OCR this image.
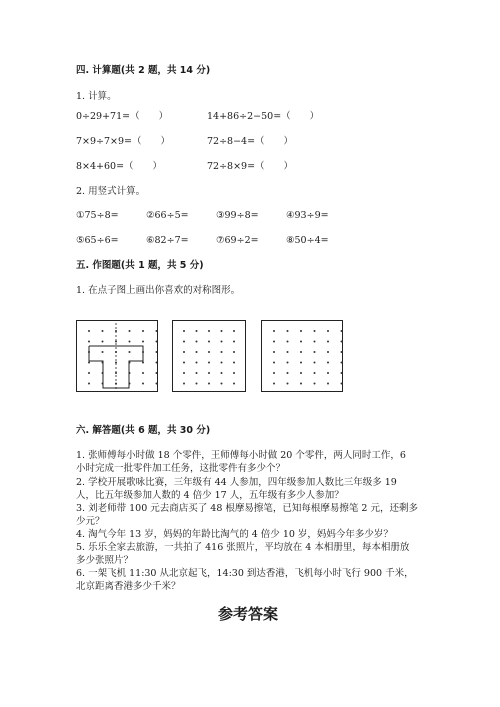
四. 计算题(共 2 题，共 14 分)
1. 计算。
0÷29+71=（　　）	14+86÷2−50=（　　）
7×9÷7×9=（　　）	72÷8−4=（　　）
8×4+60=（　　）	72÷8×9=（　　）
2. 用竖式计算。
①75÷8=	②66÷5=	③99÷8=	④93÷9=
⑤65÷6=	⑥82÷7=	⑦69÷2=	⑧50÷4=
五. 作图题(共 1 题，共 5 分)
1. 在点子图上画出你喜欢的对称图形。
六. 解答题(共 6 题，共 30 分)
1. 张师傅每小时做 18 个零件，王师傅每小时做 20 个零件，两人同时工作，6
小时完成一批零件加工任务，这批零件有多少个？
2. 学校开展歌咏比赛，三年级有 44 人参加，四年级参加人数比三年级多 19
人，比五年级参加人数的 4 倍少 17 人，五年级有多少人参加？
3. 刘老师带 100 元去商店买了 48 根摩易擦笔，已知每根摩易擦笔 2 元，还剩多
少元？
4. 淘气今年 13 岁，妈妈的年龄比淘气的 4 倍少 10 岁，妈妈今年多少岁？
5. 乐乐全家去旅游，一共拍了 416 张照片，平均放在 4 本相册里，每本相册放
多少张照片？
6. 一架飞机 11:30 从北京起飞，14:30 到达香港，飞机每小时飞行 900 千米，
北京距离香港多少千米？
参考答案
